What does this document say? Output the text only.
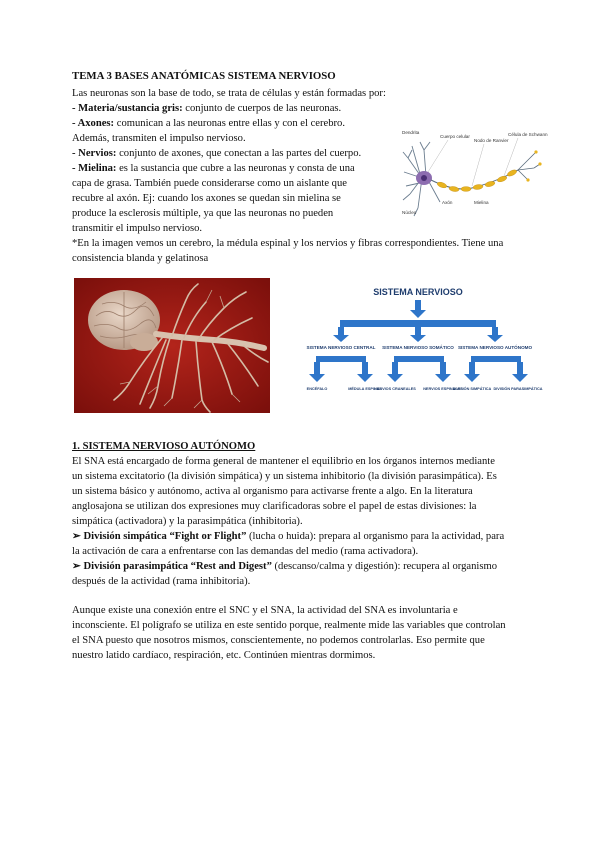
TEMA 3 BASES ANATÓMICAS SISTEMA NERVIOSO
Las neuronas son la base de todo, se trata de células y están formadas por:
- Materia/sustancia gris: conjunto de cuerpos de las neuronas.
- Axones: comunican a las neuronas entre ellas y con el cerebro.
Además, transmiten el impulso nervioso.
- Nervios: conjunto de axones, que conectan a las partes del cuerpo.
- Mielina: es la sustancia que cubre a las neuronas y consta de una
capa de grasa. También puede considerarse como un aislante que
recubre al axón. Ej: cuando los axones se quedan sin mielina se
produce la esclerosis múltiple, ya que las neuronas no pueden
transmitir el impulso nervioso.
*En la imagen vemos un cerebro, la médula espinal y los nervios y fibras correspondientes. Tiene una
consistencia blanda y gelatinosa
Dendrita
Cuerpo celular
Nodo de Ranvier
Célula de Schwann
Núcleo
Axón	Mielina
SISTEMA NERVIOSO
SISTEMA NERVIOSO CENTRAL SISTEMA NERVIOSO SOMÁTICO SISTEMA NERVIOSO AUTÓNOMO
ENCÉFALO	MÉDULA ESPINAL
NERVIOS CRANEALES NERVIOS ESPINALES
DIVISIÓN SIMPÁTICA DIVISIÓN PARASIMPÁTICA
1. SISTEMA NERVIOSO AUTÓNOMO
El SNA está encargado de forma general de mantener el equilibrio en los órganos internos mediante
un sistema excitatorio (la división simpática) y un sistema inhibitorio (la división parasimpática). Es
un sistema básico y autónomo, activa al organismo para activarse frente a algo. En la literatura
anglosajona se utilizan dos expresiones muy clarificadoras sobre el papel de estas divisiones: la
simpática (activadora) y la parasimpática (inhibitoria).
➢ División simpática “Fight or Flight” (lucha o huida): prepara al organismo para la actividad, para
la activación de cara a enfrentarse con las demandas del medio (rama activadora).
➢ División parasimpática “Rest and Digest” (descanso/calma y digestión): recupera al organismo
después de la actividad (rama inhibitoria).
Aunque existe una conexión entre el SNC y el SNA, la actividad del SNA es involuntaria e
inconsciente. El polígrafo se utiliza en este sentido porque, realmente mide las variables que controlan
el SNA puesto que nosotros mismos, conscientemente, no podemos controlarlas. Eso permite que
nuestro latido cardíaco, respiración, etc. Continúen mientras dormimos.
